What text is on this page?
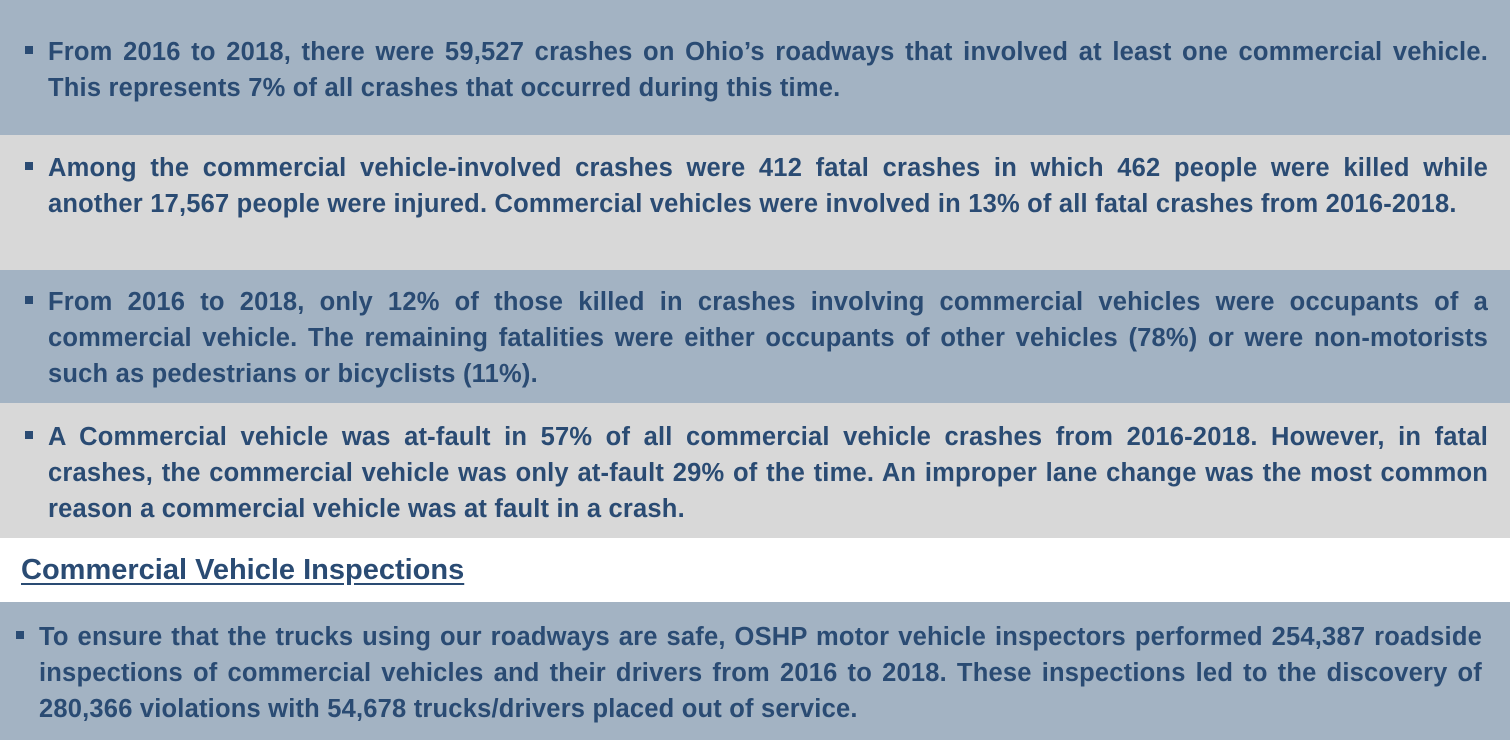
From 2016 to 2018, there were 59,527 crashes on Ohio’s roadways that involved at least one commercial vehicle. This represents 7% of all crashes that occurred during this time.
Among the commercial vehicle-involved crashes were 412 fatal crashes in which 462 people were killed while another 17,567 people were injured. Commercial vehicles were involved in 13% of all fatal crashes from 2016-2018.
From 2016 to 2018, only 12% of those killed in crashes involving commercial vehicles were occupants of a commercial vehicle. The remaining fatalities were either occupants of other vehicles (78%) or were non-motorists such as pedestrians or bicyclists (11%).
A Commercial vehicle was at-fault in 57% of all commercial vehicle crashes from 2016-2018. However, in fatal crashes, the commercial vehicle was only at-fault 29% of the time. An improper lane change was the most common reason a commercial vehicle was at fault in a crash.
Commercial Vehicle Inspections
To ensure that the trucks using our roadways are safe, OSHP motor vehicle inspectors performed 254,387 roadside inspections of commercial vehicles and their drivers from 2016 to 2018. These inspections led to the discovery of 280,366 violations with 54,678 trucks/drivers placed out of service.
